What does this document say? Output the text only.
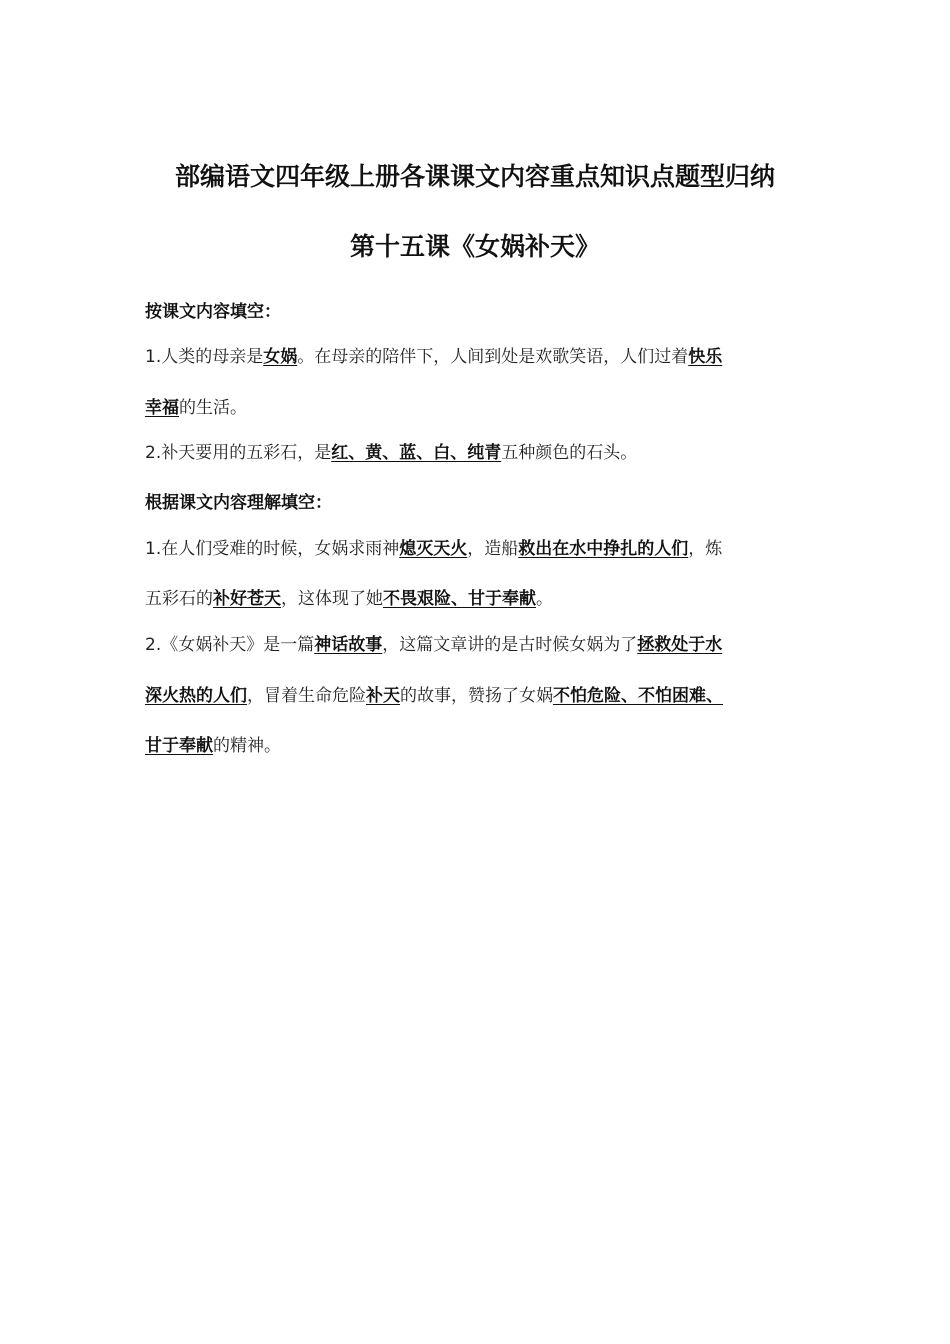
部编语文四年级上册各课课文内容重点知识点题型归纳
第十五课《女娲补天》
按课文内容填空：
1.人类的母亲是女娲。在母亲的陪伴下，人间到处是欢歌笑语，人们过着快乐
幸福的生活。
2.补天要用的五彩石，是红、黄、蓝、白、纯青五种颜色的石头。
根据课文内容理解填空：
1.在人们受难的时候，女娲求雨神熄灭天火，造船救出在水中挣扎的人们，炼
五彩石的补好苍天，这体现了她不畏艰险、甘于奉献。
2.《女娲补天》是一篇神话故事，这篇文章讲的是古时候女娲为了拯救处于水
深火热的人们，冒着生命危险补天的故事，赞扬了女娲不怕危险、不怕困难、
甘于奉献的精神。
